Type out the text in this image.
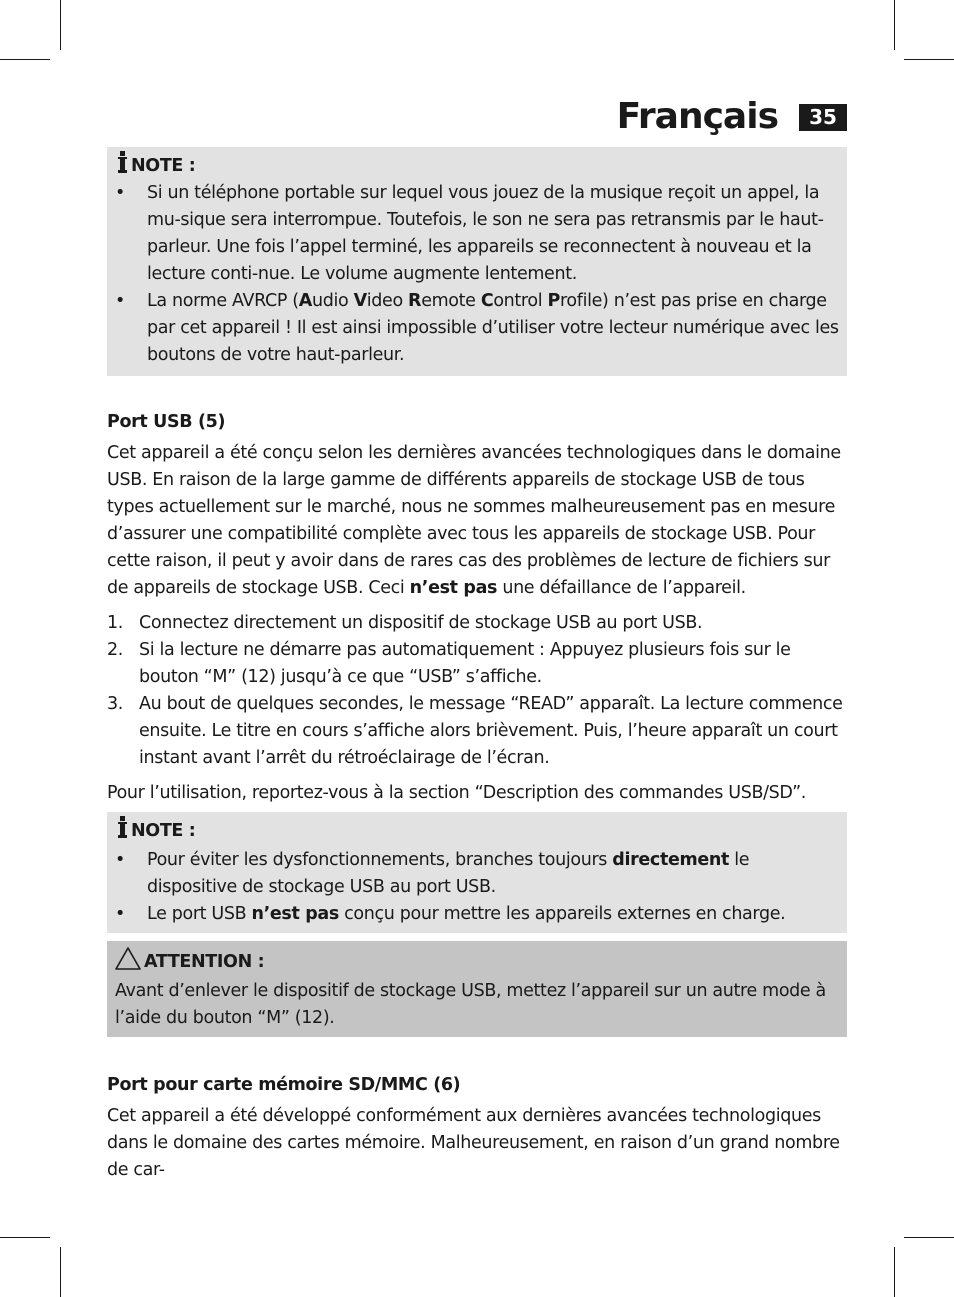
Français	35
NOTE :
• Si un téléphone portable sur lequel vous jouez de la musique reçoit un appel, la mu-sique sera interrompue. Toutefois, le son ne sera pas retransmis par le haut-parleur. Une fois l’appel terminé, les appareils se reconnectent à nouveau et la lecture conti-nue. Le volume augmente lentement.
• La norme AVRCP (Audio Video Remote Control Profile) n’est pas prise en charge par cet appareil ! Il est ainsi impossible d’utiliser votre lecteur numérique avec les boutons de votre haut-parleur.
Port USB (5)

Cet appareil a été conçu selon les dernières avancées technologiques dans le domaine USB. En raison de la large gamme de différents appareils de stockage USB de tous types actuellement sur le marché, nous ne sommes malheureusement pas en mesure d’assurer une compatibilité complète avec tous les appareils de stockage USB. Pour cette raison, il peut y avoir dans de rares cas des problèmes de lecture de fichiers sur de appareils de stockage USB. Ceci n’est pas une défaillance de l’appareil.

1. Connectez directement un dispositif de stockage USB au port USB.
2. Si la lecture ne démarre pas automatiquement : Appuyez plusieurs fois sur le bouton “M” (12) jusqu’à ce que “USB” s’affiche.
3. Au bout de quelques secondes, le message “READ” apparaît. La lecture commence ensuite. Le titre en cours s’affiche alors brièvement. Puis, l’heure apparaît un court instant avant l’arrêt du rétroéclairage de l’écran.

Pour l’utilisation, reportez-vous à la section “Description des commandes USB/SD”.

NOTE :
• Pour éviter les dysfonctionnements, branches toujours directement le dispositive de stockage USB au port USB.
• Le port USB n’est pas conçu pour mettre les appareils externes en charge.
ATTENTION :

Avant d’enlever le dispositif de stockage USB, mettez l’appareil sur un autre mode à l’aide du bouton “M” (12).

Port pour carte mémoire SD/MMC (6)

Cet appareil a été développé conformément aux dernières avancées technologiques dans le domaine des cartes mémoire. Malheureusement, en raison d’un grand nombre de car-
